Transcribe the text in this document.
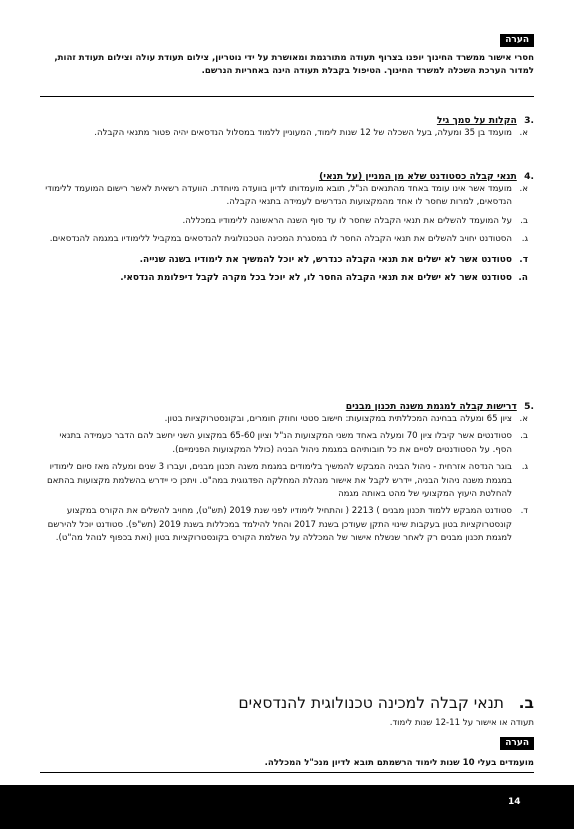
הערה
חסרי אישור ממשרד החינוך יופנו בצרוף תעודה מתורגמת ומאושרת על ידי נוטריון, צילום תעודת עולה וצילום תעודת זהות, למדור הערכת השכלה למשרד החינוך. הטיפול בקבלת תעודה הינה באחריות הנרשם.
.3 הקלות על סמך גיל
א.
מועמד בן 35 ומעלה, בעל השכלה של 12 שנות לימוד, המעוניין ללמוד במסלול הנדסאים יהיה פטור מתנאי הקבלה.
.4 תנאי קבלה כסטודנט שלא מן המניין (על תנאי)
א.
מועמד אשר אינו עומד באחד מהתנאים הנ"ל, תובא מועמדותו לדיון בוועדה מיוחדת. הוועדה רשאית לאשר רישום המועמד ללימודי הנדסאים, למרות שחסר לו אחד מהמקצועות הנדרשים לעמידה בתנאי הקבלה.
ב.
על המועמד להשלים את תנאי הקבלה שחסר לו עד סוף השנה הראשונה ללימודיו במכללה.
ג.
הסטודנט יחויב להשלים את תנאי הקבלה החסר לו במסגרת המכינה הטכנולוגית להנדסאים במקביל ללימודיו במגמה להנדסאים.
ד.
סטודנט אשר לא ישלים את תנאי הקבלה כנדרש, לא יוכל להמשיך את לימודיו בשנה שנייה.
ה.
סטודנט אשר לא ישלים את תנאי הקבלה החסר לו, לא יוכל בכל מקרה לקבל דיפלומת הנדסאי.
.5 דרישות קבלה למגמת משנה תכנון מבנים
א.
ציון 65 ומעלה בבחינה המכללתית במקצועות: חישוב סטטי וחוזק חומרים, ובקונסטרוקציות בטון.
ב.
סטודנטים אשר קיבלו ציון 70 ומעלה באחד משני המקצועות הנ"ל וציון 65-60 במקצוע השני יחשב להם הדבר כעמידה בתנאי הסף. על הסטודנטים לסיים את כל חובותיהם במגמת ניהול הבניה (כולל המקצועות הפנימיים).
ג.
בוגר הנדסה אזרחית - ניהול הבניה המבקש להמשיך בלימודים במגמת משנה תכנון מבנים, ועברו 3 שנים ומעלה מאז סיום לימודיו במגמת משנה ניהול הבניה, יידרש לקבל את אישור מנהלת המחלקה הפדגוגית במה"ט. ויתכן כי יידרש בהשלמת מקצועות בהתאם להחלטת היעוץ המקצועי של מהט באותה מגמה
ד.
סטודנט המבקש ללמוד תכנון מבנים ) 2213 ( והתחיל לימודיו לפני שנת 2019 (תש"ט), מחויב להשלים את הקורס במקצוע קונסטרוקציות בטון בעקבות שינוי התקן שעודכן בשנת 2017 והחל להילמד במכללות בשנת 2019 (תש"פ). סטודנט יוכל להירשם למגמת תכנון מבנים רק לאחר שנשלח אישור של המכללה על השלמת הקורס בקונסטרוקציות בטון (ואת בכפוף לנוהל מה"ט).
ב.תנאי קבלה למכינה טכנולוגית להנדסאים
תעודה או אישור על 12-11 שנות לימוד.
הערה
מועמדים בעלי 10 שנות לימוד הרשמתם תובא לדיון מנכ"ל המכללה.
14
